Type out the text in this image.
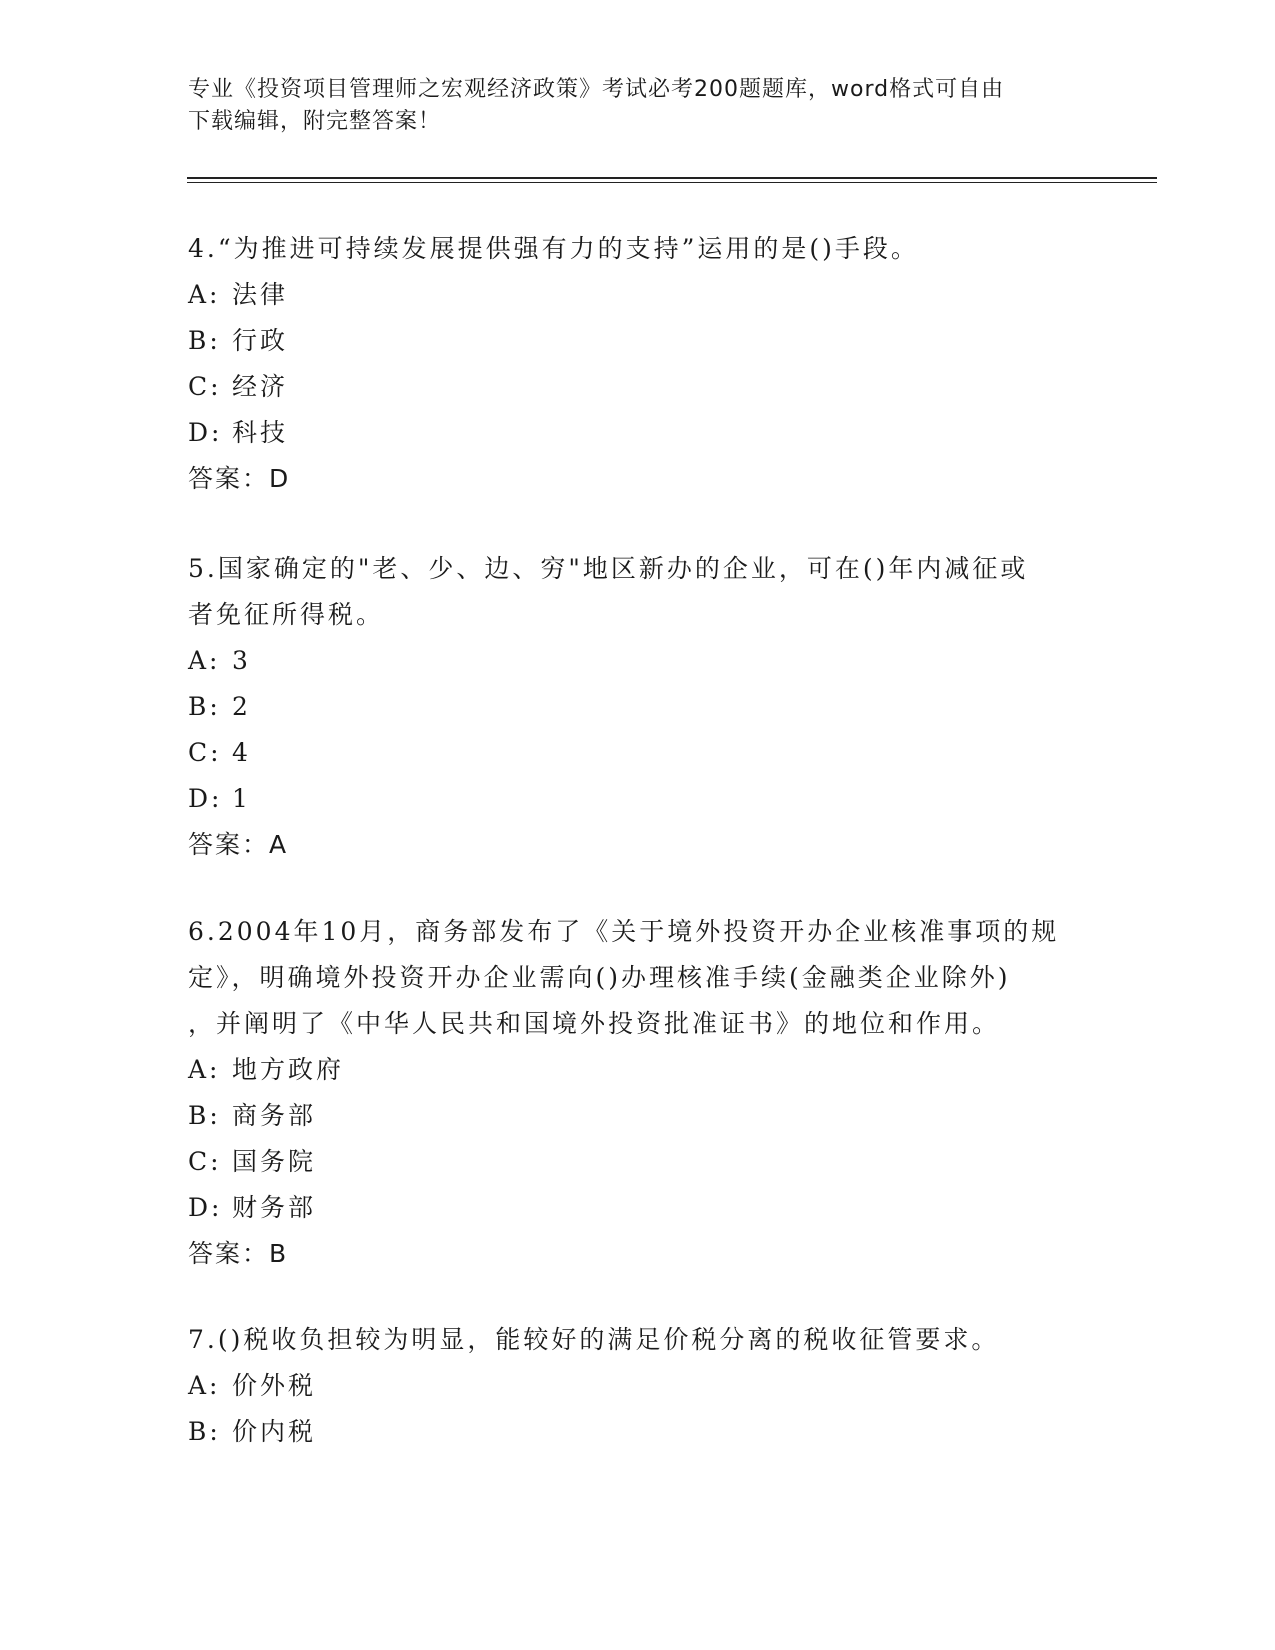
专业《投资项目管理师之宏观经济政策》考试必考200题题库，word格式可自由
下载编辑，附完整答案！

4.“为推进可持续发展提供强有力的支持”运用的是()手段。

A: 法律

B: 行政

C: 经济

D: 科技

答案：D

5.国家确定的"老、少、边、穷"地区新办的企业，可在()年内减征或

者免征所得税。

A: 3

B: 2

C: 4

D: 1

答案：A

6.2004年10月，商务部发布了《关于境外投资开办企业核准事项的规

定》，明确境外投资开办企业需向()办理核准手续(金融类企业除外)

，并阐明了《中华人民共和国境外投资批准证书》的地位和作用。

A: 地方政府

B: 商务部

C: 国务院

D: 财务部

答案：B

7.()税收负担较为明显，能较好的满足价税分离的税收征管要求。

A: 价外税

B: 价内税
